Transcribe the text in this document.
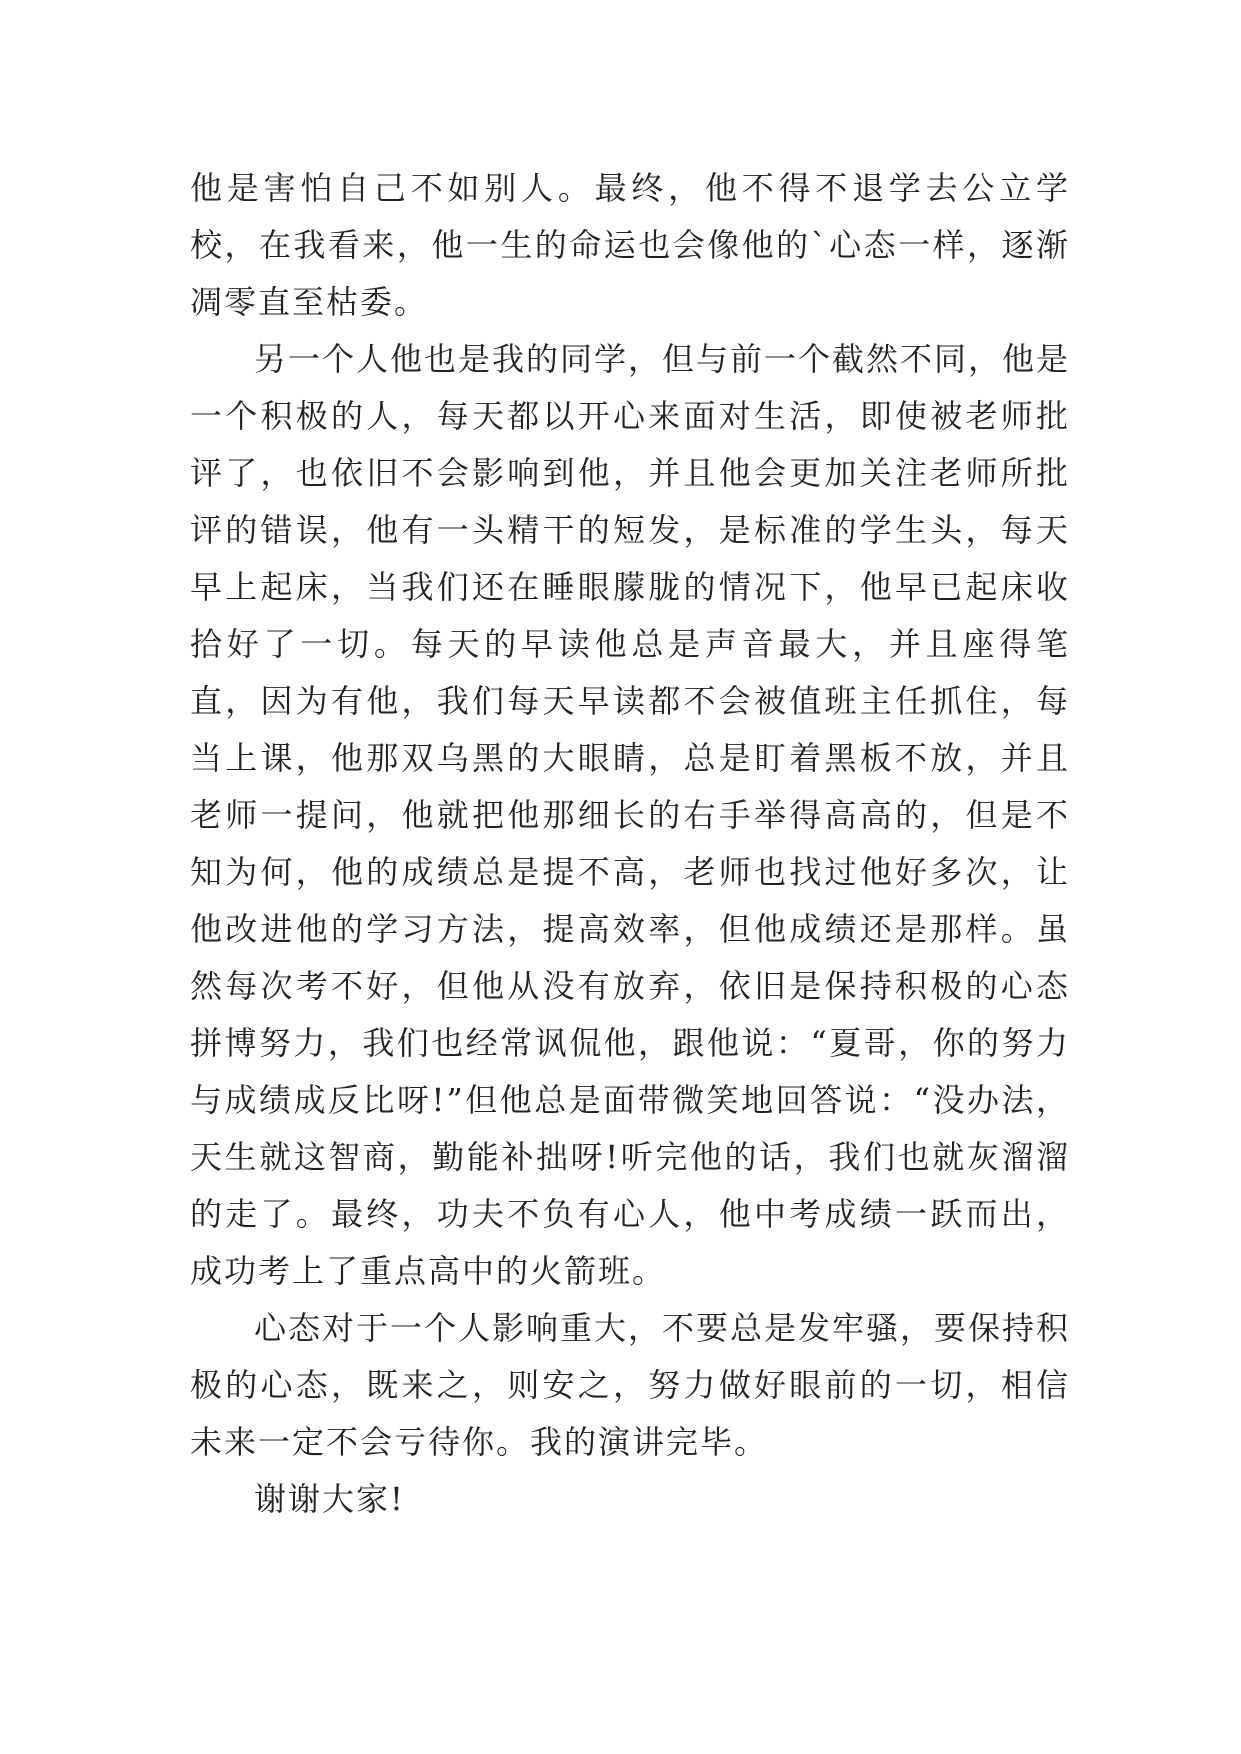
他是害怕自己不如别人。最终，他不得不退学去公立学校，在我看来，他一生的命运也会像他的`心态一样，逐渐凋零直至枯委。

另一个人他也是我的同学，但与前一个截然不同，他是一个积极的人，每天都以开心来面对生活，即使被老师批评了，也依旧不会影响到他，并且他会更加关注老师所批评的错误，他有一头精干的短发，是标准的学生头，每天早上起床，当我们还在睡眼朦胧的情况下，他早已起床收拾好了一切。每天的早读他总是声音最大，并且座得笔直，因为有他，我们每天早读都不会被值班主任抓住，每当上课，他那双乌黑的大眼睛，总是盯着黑板不放，并且老师一提问，他就把他那细长的右手举得高高的，但是不知为何，他的成绩总是提不高，老师也找过他好多次，让他改进他的学习方法，提高效率，但他成绩还是那样。虽然每次考不好，但他从没有放弃，依旧是保持积极的心态拼博努力，我们也经常讽侃他，跟他说：“夏哥，你的努力与成绩成反比呀!”但他总是面带微笑地回答说：“没办法，天生就这智商，勤能补拙呀!听完他的话，我们也就灰溜溜的走了。最终，功夫不负有心人，他中考成绩一跃而出，成功考上了重点高中的火箭班。

心态对于一个人影响重大，不要总是发牢骚，要保持积极的心态，既来之，则安之，努力做好眼前的一切，相信未来一定不会亏待你。我的演讲完毕。

谢谢大家!
